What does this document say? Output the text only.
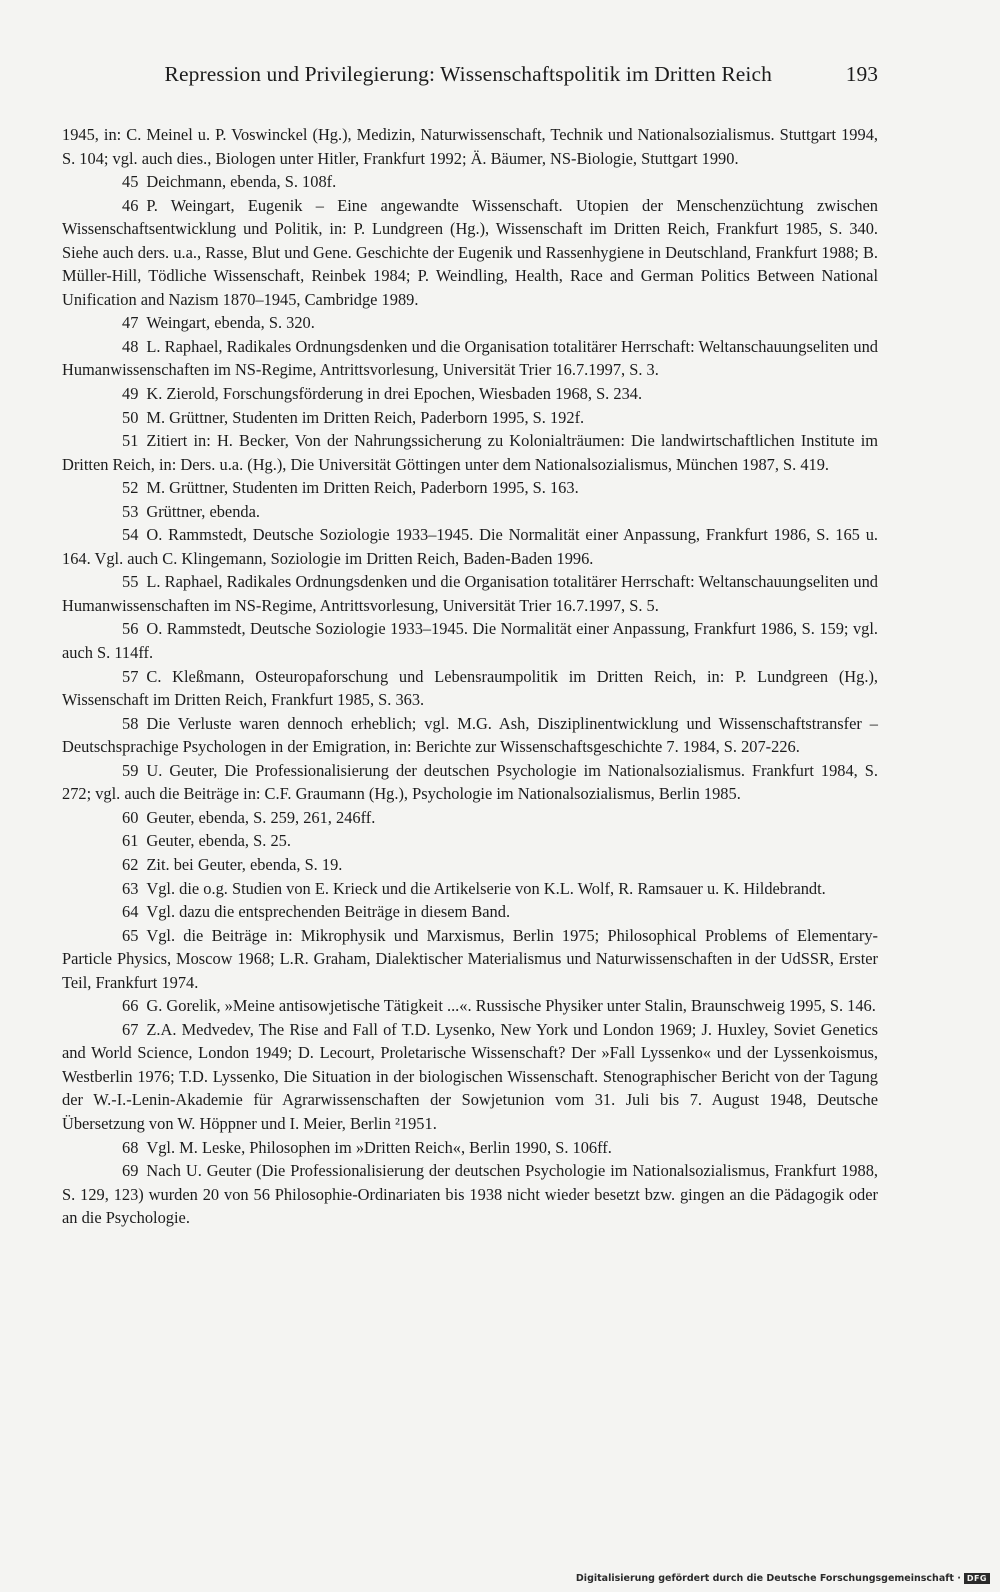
Repression und Privilegierung: Wissenschaftspolitik im Dritten Reich	193

1945, in: C. Meinel u. P. Voswinckel (Hg.), Medizin, Naturwissenschaft, Technik und Nationalsozialismus. Stuttgart 1994, S. 104; vgl. auch dies., Biologen unter Hitler, Frankfurt 1992; Ä. Bäumer, NS-Biologie, Stuttgart 1990.

45 Deichmann, ebenda, S. 108f.

46 P. Weingart, Eugenik – Eine angewandte Wissenschaft. Utopien der Menschenzüchtung zwischen Wissenschaftsentwicklung und Politik, in: P. Lundgreen (Hg.), Wissenschaft im Dritten Reich, Frankfurt 1985, S. 340. Siehe auch ders. u.a., Rasse, Blut und Gene. Geschichte der Eugenik und Rassenhygiene in Deutschland, Frankfurt 1988; B. Müller-Hill, Tödliche Wissenschaft, Reinbek 1984; P. Weindling, Health, Race and German Politics Between National Unification and Nazism 1870–1945, Cambridge 1989.

47 Weingart, ebenda, S. 320.

48 L. Raphael, Radikales Ordnungsdenken und die Organisation totalitärer Herrschaft: Weltanschauungseliten und Humanwissenschaften im NS-Regime, Antrittsvorlesung, Universität Trier 16.7.1997, S. 3.

49 K. Zierold, Forschungsförderung in drei Epochen, Wiesbaden 1968, S. 234.

50 M. Grüttner, Studenten im Dritten Reich, Paderborn 1995, S. 192f.

51 Zitiert in: H. Becker, Von der Nahrungssicherung zu Kolonialträumen: Die landwirtschaftlichen Institute im Dritten Reich, in: Ders. u.a. (Hg.), Die Universität Göttingen unter dem Nationalsozialismus, München 1987, S. 419.

52 M. Grüttner, Studenten im Dritten Reich, Paderborn 1995, S. 163.

53 Grüttner, ebenda.

54 O. Rammstedt, Deutsche Soziologie 1933–1945. Die Normalität einer Anpassung, Frankfurt 1986, S. 165 u. 164. Vgl. auch C. Klingemann, Soziologie im Dritten Reich, Baden-Baden 1996.

55 L. Raphael, Radikales Ordnungsdenken und die Organisation totalitärer Herrschaft: Weltanschauungseliten und Humanwissenschaften im NS-Regime, Antrittsvorlesung, Universität Trier 16.7.1997, S. 5.

56 O. Rammstedt, Deutsche Soziologie 1933–1945. Die Normalität einer Anpassung, Frankfurt 1986, S. 159; vgl. auch S. 114ff.

57 C. Kleßmann, Osteuropaforschung und Lebensraumpolitik im Dritten Reich, in: P. Lundgreen (Hg.), Wissenschaft im Dritten Reich, Frankfurt 1985, S. 363.

58 Die Verluste waren dennoch erheblich; vgl. M.G. Ash, Disziplinentwicklung und Wissenschaftstransfer – Deutschsprachige Psychologen in der Emigration, in: Berichte zur Wissenschaftsgeschichte 7. 1984, S. 207-226.

59 U. Geuter, Die Professionalisierung der deutschen Psychologie im Nationalsozialismus. Frankfurt 1984, S. 272; vgl. auch die Beiträge in: C.F. Graumann (Hg.), Psychologie im Nationalsozialismus, Berlin 1985.

60 Geuter, ebenda, S. 259, 261, 246ff.

61 Geuter, ebenda, S. 25.

62 Zit. bei Geuter, ebenda, S. 19.

63 Vgl. die o.g. Studien von E. Krieck und die Artikelserie von K.L. Wolf, R. Ramsauer u. K. Hildebrandt.

64 Vgl. dazu die entsprechenden Beiträge in diesem Band.

65 Vgl. die Beiträge in: Mikrophysik und Marxismus, Berlin 1975; Philosophical Problems of Elementary-Particle Physics, Moscow 1968; L.R. Graham, Dialektischer Materialismus und Naturwissenschaften in der UdSSR, Erster Teil, Frankfurt 1974.

66 G. Gorelik, »Meine antisowjetische Tätigkeit ...«. Russische Physiker unter Stalin, Braunschweig 1995, S. 146.

67 Z.A. Medvedev, The Rise and Fall of T.D. Lysenko, New York und London 1969; J. Huxley, Soviet Genetics and World Science, London 1949; D. Lecourt, Proletarische Wissenschaft? Der »Fall Lyssenko« und der Lyssenkoismus, Westberlin 1976; T.D. Lyssenko, Die Situation in der biologischen Wissenschaft. Stenographischer Bericht von der Tagung der W.-I.-Lenin-Akademie für Agrarwissenschaften der Sowjetunion vom 31. Juli bis 7. August 1948, Deutsche Übersetzung von W. Höppner und I. Meier, Berlin ²1951.

68 Vgl. M. Leske, Philosophen im »Dritten Reich«, Berlin 1990, S. 106ff.

69 Nach U. Geuter (Die Professionalisierung der deutschen Psychologie im Nationalsozialismus, Frankfurt 1988, S. 129, 123) wurden 20 von 56 Philosophie-Ordinariaten bis 1938 nicht wieder besetzt bzw. gingen an die Pädagogik oder an die Psychologie.

Digitalisierung gefördert durch die Deutsche Forschungsgemeinschaft · DFG
